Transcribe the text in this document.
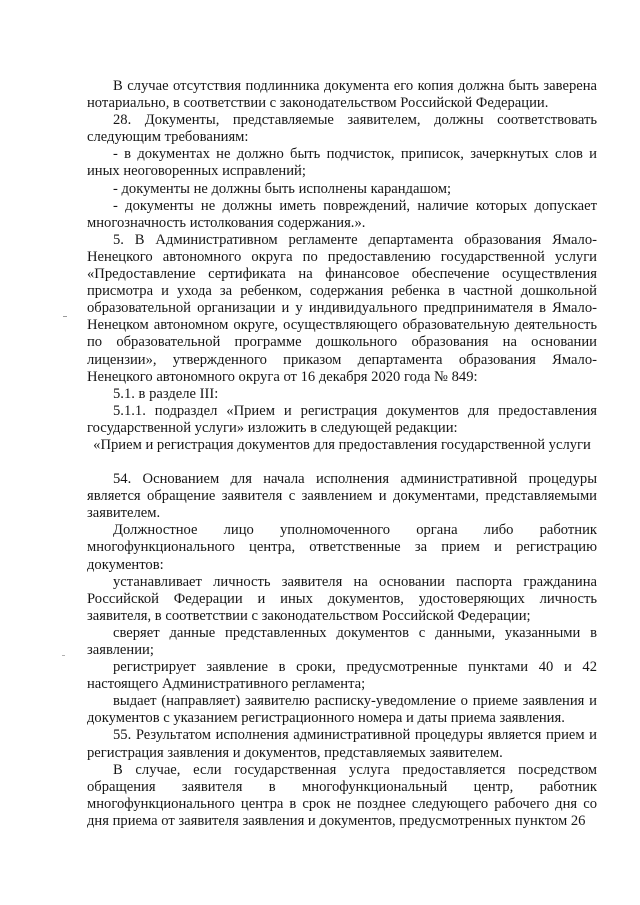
В случае отсутствия подлинника документа его копия должна быть заверена нотариально, в соответствии с законодательством Российской Федерации.

28. Документы, представляемые заявителем, должны соответствовать следующим требованиям:

- в документах не должно быть подчисток, приписок, зачеркнутых слов и иных неоговоренных исправлений;

- документы не должны быть исполнены карандашом;

- документы не должны иметь повреждений, наличие которых допускает многозначность истолкования содержания.».

5. В Административном регламенте департамента образования Ямало-Ненецкого автономного округа по предоставлению государственной услуги «Предоставление сертификата на финансовое обеспечение осуществления присмотра и ухода за ребенком, содержания ребенка в частной дошкольной образовательной организации и у индивидуального предпринимателя в Ямало-Ненецком автономном округе, осуществляющего образовательную деятельность по образовательной программе дошкольного образования на основании лицензии», утвержденного приказом департамента образования Ямало-Ненецкого автономного округа от 16 декабря 2020 года № 849:

5.1. в разделе III:

5.1.1. подраздел «Прием и регистрация документов для предоставления государственной услуги» изложить в следующей редакции:

«Прием и регистрация документов для предоставления государственной услуги

54. Основанием для начала исполнения административной процедуры является обращение заявителя с заявлением и документами, представляемыми заявителем.

Должностное лицо уполномоченного органа либо работник многофункционального центра, ответственные за прием и регистрацию документов:

устанавливает личность заявителя на основании паспорта гражданина Российской Федерации и иных документов, удостоверяющих личность заявителя, в соответствии с законодательством Российской Федерации;

сверяет данные представленных документов с данными, указанными в заявлении;

регистрирует заявление в сроки, предусмотренные пунктами 40 и 42 настоящего Административного регламента;

выдает (направляет) заявителю расписку-уведомление о приеме заявления и документов с указанием регистрационного номера и даты приема заявления.

55. Результатом исполнения административной процедуры является прием и регистрация заявления и документов, представляемых заявителем.

В случае, если государственная услуга предоставляется посредством обращения заявителя в многофункциональный центр, работник многофункционального центра в срок не позднее следующего рабочего дня со дня приема от заявителя заявления и документов, предусмотренных пунктом 26
